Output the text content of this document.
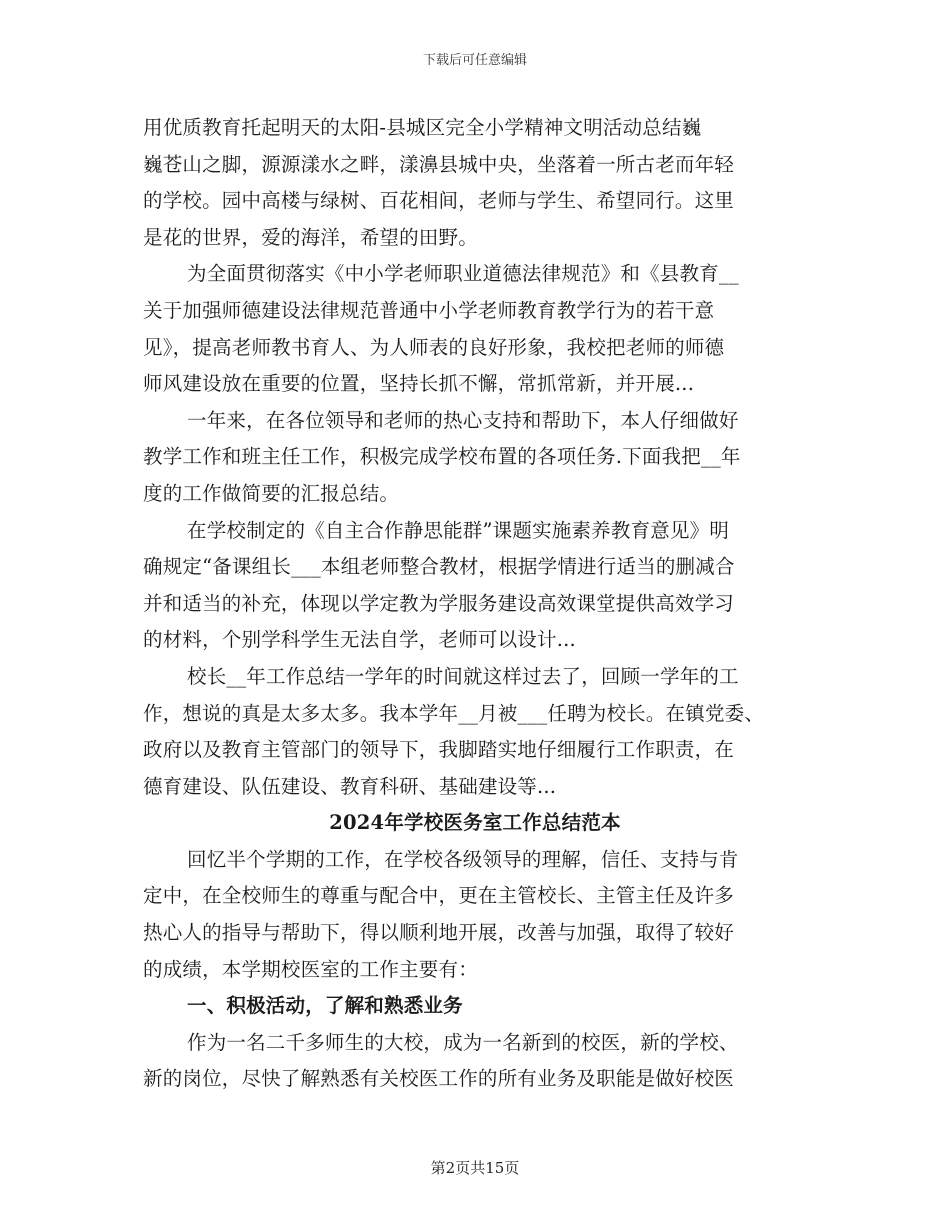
下载后可任意编辑
用优质教育托起明天的太阳-县城区完全小学精神文明活动总结巍
巍苍山之脚，源源漾水之畔，漾濞县城中央，坐落着一所古老而年轻
的学校。园中高楼与绿树、百花相间，老师与学生、希望同行。这里
是花的世界，爱的海洋，希望的田野。
为全面贯彻落实《中小学老师职业道德法律规范》和《县教育__
关于加强师德建设法律规范普通中小学老师教育教学行为的若干意
见》，提高老师教书育人、为人师表的良好形象，我校把老师的师德
师风建设放在重要的位置，坚持长抓不懈，常抓常新，并开展...
一年来，在各位领导和老师的热心支持和帮助下，本人仔细做好
教学工作和班主任工作，积极完成学校布置的各项任务.下面我把__年
度的工作做简要的汇报总结。
在学校制定的《自主合作静思能群”课题实施素养教育意见》明
确规定“备课组长___本组老师整合教材，根据学情进行适当的删减合
并和适当的补充，体现以学定教为学服务建设高效课堂提供高效学习
的材料，个别学科学生无法自学，老师可以设计...
校长__年工作总结一学年的时间就这样过去了，回顾一学年的工
作，想说的真是太多太多。我本学年__月被___任聘为校长。在镇党委、
政府以及教育主管部门的领导下，我脚踏实地仔细履行工作职责，在
德育建设、队伍建设、教育科研、基础建设等...
2024年学校医务室工作总结范本
回忆半个学期的工作，在学校各级领导的理解，信任、支持与肯
定中，在全校师生的尊重与配合中，更在主管校长、主管主任及许多
热心人的指导与帮助下，得以顺利地开展，改善与加强，取得了较好
的成绩，本学期校医室的工作主要有：
一、积极活动，了解和熟悉业务
作为一名二千多师生的大校，成为一名新到的校医，新的学校、
新的岗位，尽快了解熟悉有关校医工作的所有业务及职能是做好校医
第2页共15页
